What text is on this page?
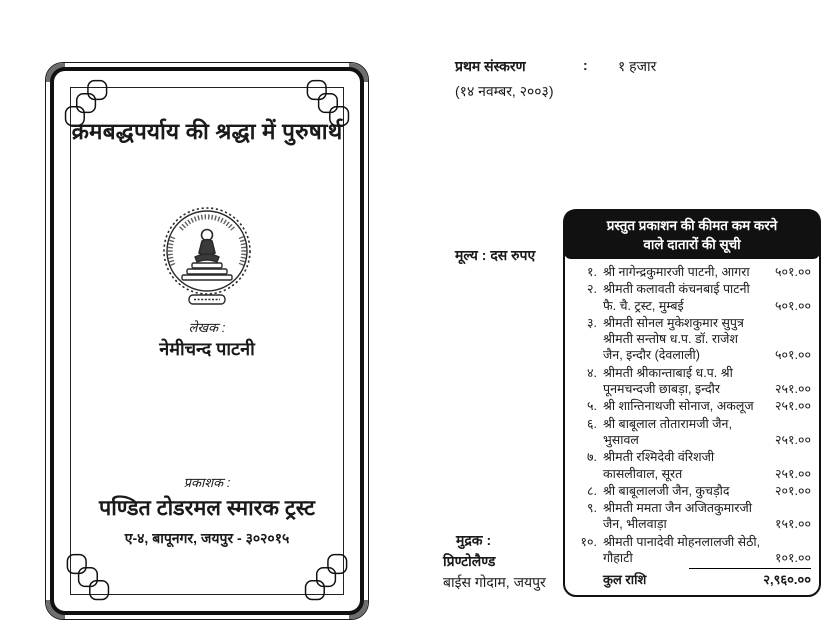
क्रमबद्धपर्याय की श्रद्धा में पुरुषार्थ
लेखक :
नेमीचन्द पाटनी
प्रकाशक :
पण्डित टोडरमल स्मारक ट्रस्ट
ए-४, बापूनगर, जयपुर - ३०२०१५
प्रथम संस्करण	: १ हजार
(१४ नवम्बर, २००३)
मूल्य : दस रुपए
मुद्रक :
प्रिण्टोलैण्ड
बाईस गोदाम, जयपुर
प्रस्तुत प्रकाशन की कीमत कम करने
वाले दातारों की सूची
१. श्री नागेन्द्रकुमारजी पाटनी, आगरा	५०१.००
२. श्रीमती कलावती कंचनबाई पाटनी फै. चै. ट्रस्ट, मुम्बई	५०१.००
३. श्रीमती सोनल मुकेशकुमार सुपुत्र श्रीमती सन्तोष ध.प. डॉ. राजेश जैन, इन्दौर (देवलाली)	५०१.००
४. श्रीमती श्रीकान्ताबाई ध.प. श्री पूनमचन्दजी छाबड़ा, इन्दौर	२५१.००
५. श्री शान्तिनाथजी सोनाज, अकलूज	२५१.००
६. श्री बाबूलाल तोतारामजी जैन, भुसावल	२५१.००
७. श्रीमती रश्मिदेवी वंरिशजी कासलीवाल, सूरत	२५१.००
८. श्री बाबूलालजी जैन, कुचड़ौद	२०१.००
९. श्रीमती ममता जैन अजितकुमारजी जैन, भीलवाड़ा	१५१.००
१०. श्रीमती पानादेवी मोहनलालजी सेठी, गौहाटी	१०१.००
कुल राशि	२,९६०.००
